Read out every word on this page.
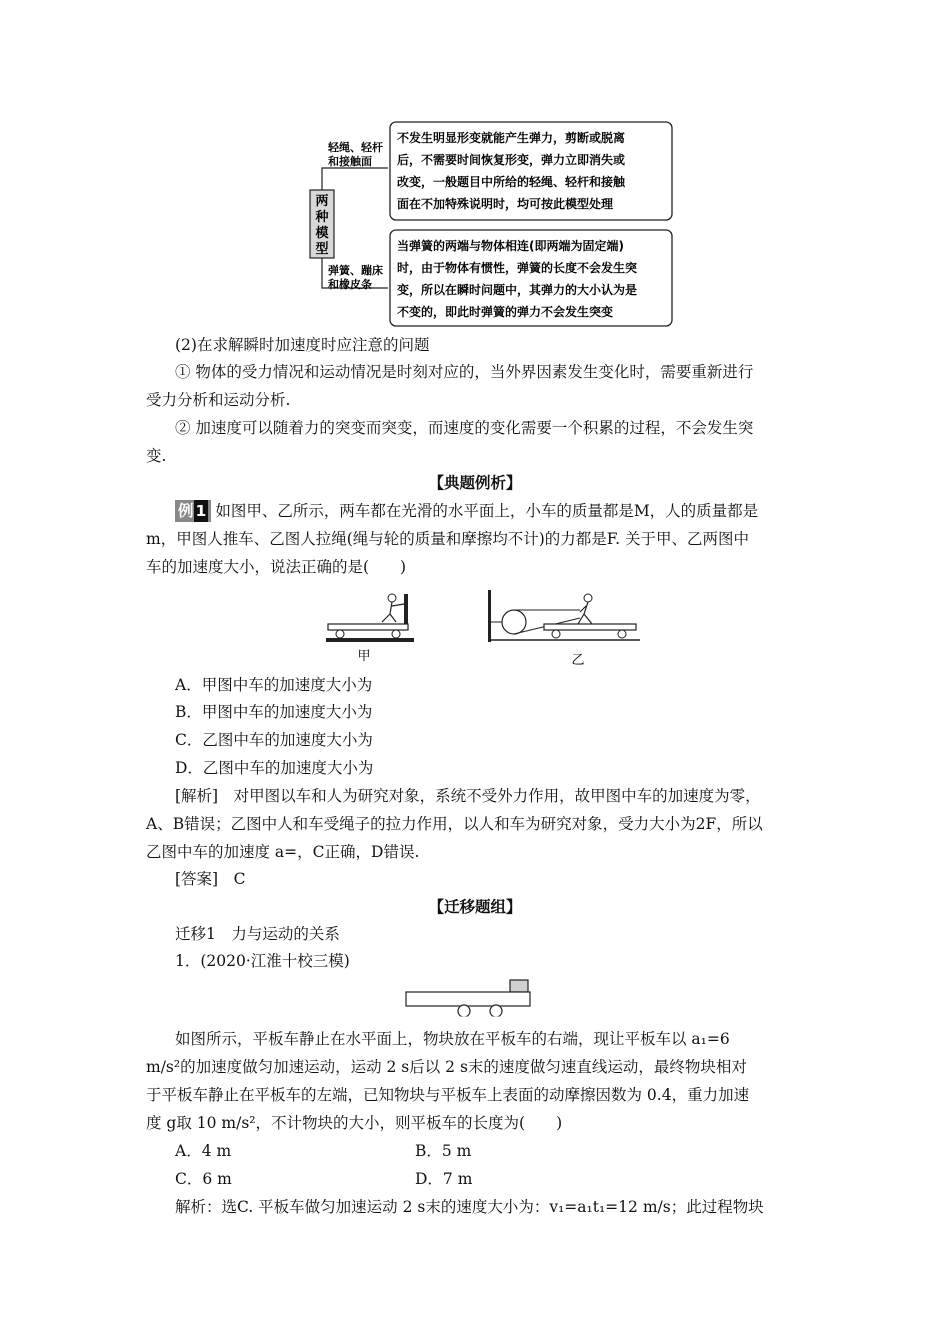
两
种
模
型
轻绳、轻杆
和接触面
弹簧、蹦床
和橡皮条
不发生明显形变就能产生弹力，剪断或脱离
后，不需要时间恢复形变，弹力立即消失或
改变，一般题目中所给的轻绳、轻杆和接触
面在不加特殊说明时，均可按此模型处理
当弹簧的两端与物体相连(即两端为固定端)
时，由于物体有惯性，弹簧的长度不会发生突
变，所以在瞬时问题中，其弹力的大小认为是
不变的，即此时弹簧的弹力不会发生突变
(2)在求解瞬时加速度时应注意的问题
① 物体的受力情况和运动情况是时刻对应的，当外界因素发生变化时，需要重新进行
受力分析和运动分析.
② 加速度可以随着力的突变而突变，而速度的变化需要一个积累的过程，不会发生突
变.
【典题例析】
例 1 如图甲、乙所示，两车都在光滑的水平面上，小车的质量都是M，人的质量都是
m，甲图人推车、乙图人拉绳(绳与轮的质量和摩擦均不计)的力都是F. 关于甲、乙两图中
车的加速度大小，说法正确的是(　　)
甲	乙
A．甲图中车的加速度大小为
B．甲图中车的加速度大小为
C．乙图中车的加速度大小为
D．乙图中车的加速度大小为
[解析]　对甲图以车和人为研究对象，系统不受外力作用，故甲图中车的加速度为零，
A、B错误；乙图中人和车受绳子的拉力作用，以人和车为研究对象，受力大小为2F，所以
乙图中车的加速度 a=，C正确，D错误.
[答案]　C
【迁移题组】
迁移1　力与运动的关系
1．(2020·江淮十校三模)
如图所示，平板车静止在水平面上，物块放在平板车的右端，现让平板车以 a₁=6
m/s²的加速度做匀加速运动，运动 2 s后以 2 s末的速度做匀速直线运动，最终物块相对
于平板车静止在平板车的左端，已知物块与平板车上表面的动摩擦因数为 0.4，重力加速
度 g取 10 m/s²，不计物块的大小，则平板车的长度为(　　)
A．4 m	B．5 m
C．6 m	D．7 m
解析：选C. 平板车做匀加速运动 2 s末的速度大小为：v₁=a₁t₁=12 m/s；此过程物块
